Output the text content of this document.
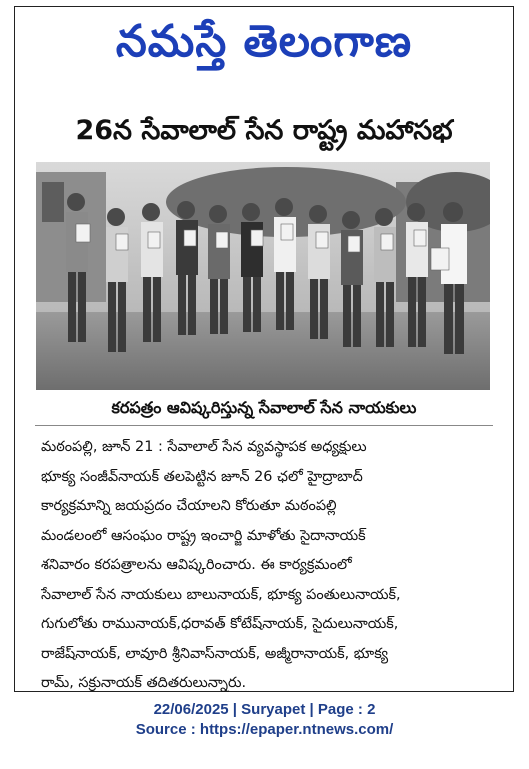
నమస్తే తెలంగాణ
26న సేవాలాల్ సేన రాష్ట్ర మహాసభ
కరపత్రం ఆవిష్కరిస్తున్న సేవాలాల్ సేన నాయకులు
మఠంపల్లి, జూన్ 21 : సేవాలాల్ సేన వ్యవస్థాపక అధ్యక్షులు
భూక్య సంజీవ్‌నాయక్ తలపెట్టిన జూన్ 26 ఛలో హైద్రాబాద్
కార్యక్రమాన్ని జయప్రదం చేయాలని కోరుతూ మఠంపల్లి
మండలంలో ఆసంఘం రాష్ట్ర ఇంచార్జి మాళోతు సైదానాయక్
శనివారం కరపత్రాలను ఆవిష్కరించారు. ఈ కార్యక్రమంలో
సేవాలాల్ సేన నాయకులు బాలునాయక్, భూక్య పంతులునాయక్,
గుగులోతు రామునాయక్,ధరావత్ కోటేష్‌నాయక్, సైదులునాయక్,
రాజేష్‌నాయక్, లావూరి శ్రీనివాస్‌నాయక్, అజ్మీరానాయక్, భూక్య
రామ్, సక్రునాయక్ తదితరులున్నారు.
22/06/2025 | Suryapet | Page : 2
Source : https://epaper.ntnews.com/
